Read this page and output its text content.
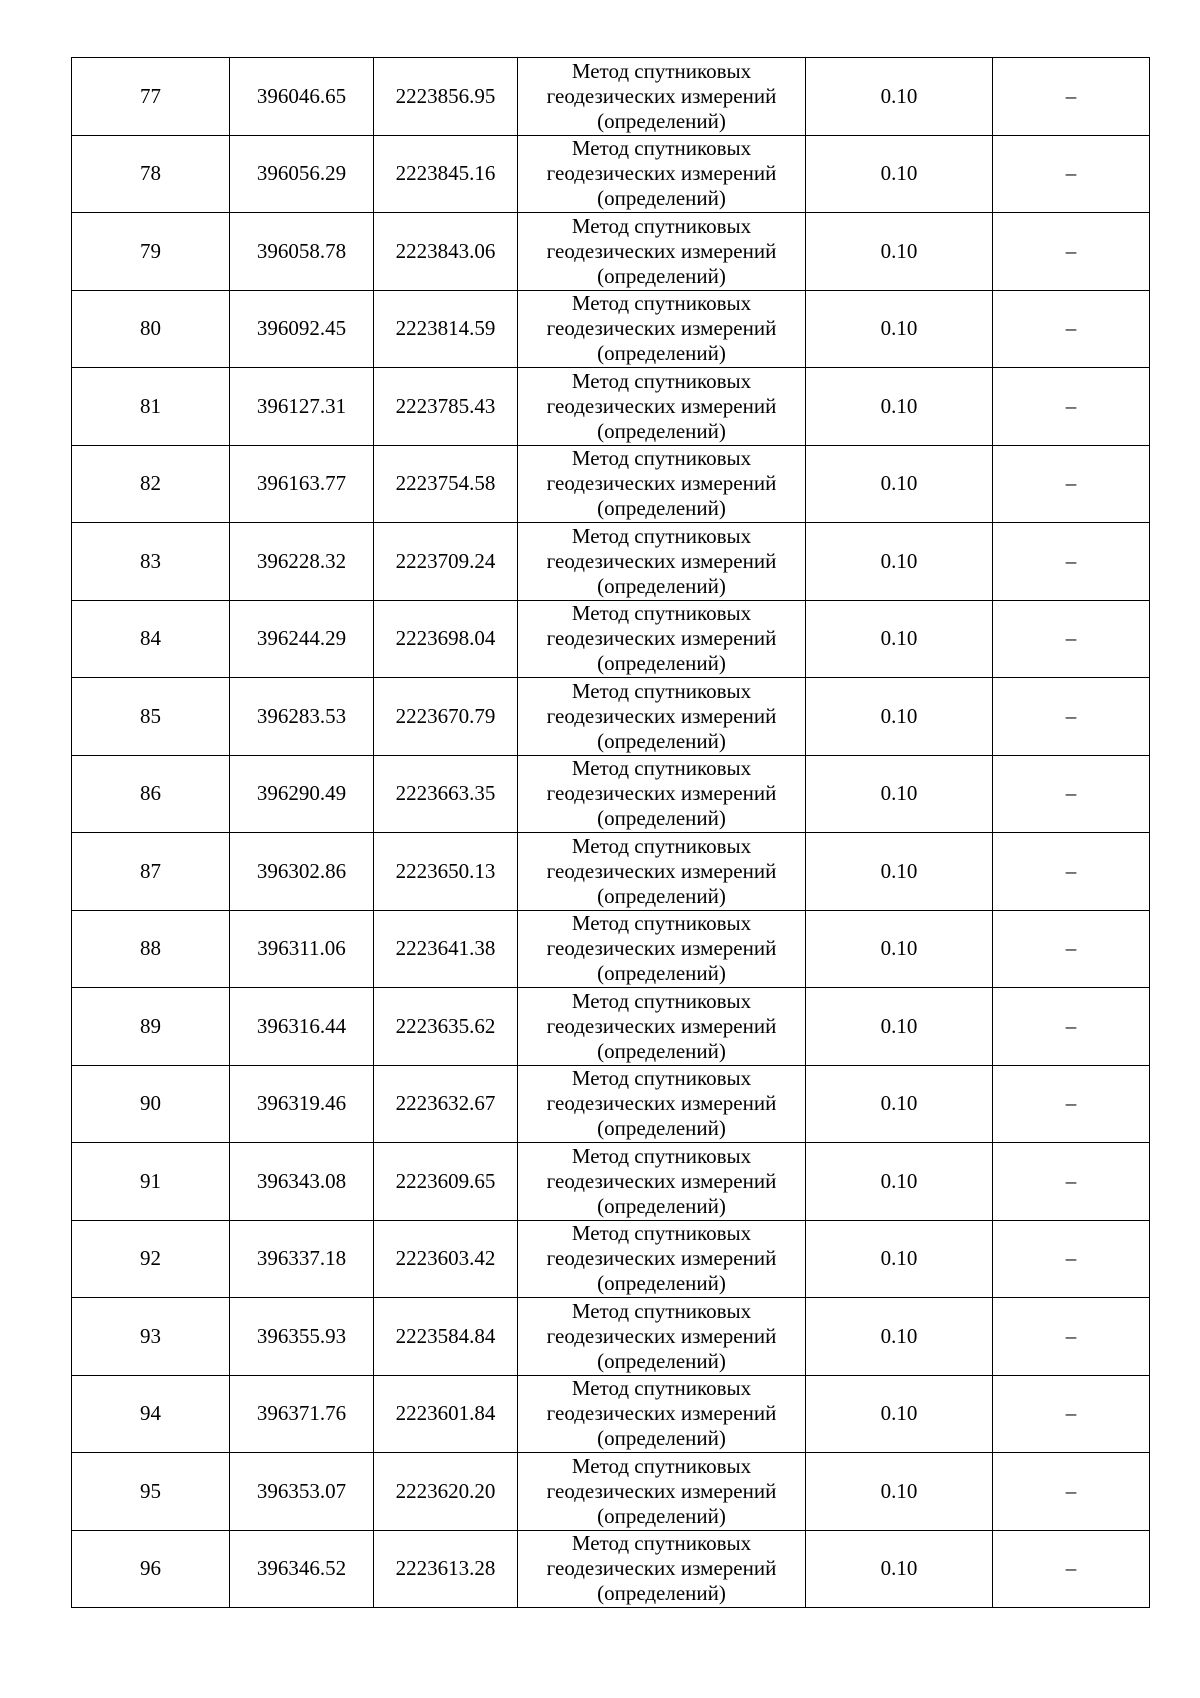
77	396046.65	2223856.95	Метод спутниковых
геодезических измерений
(определений)	0.10	–
78	396056.29	2223845.16	Метод спутниковых
геодезических измерений
(определений)	0.10	–
79	396058.78	2223843.06	Метод спутниковых
геодезических измерений
(определений)	0.10	–
80	396092.45	2223814.59	Метод спутниковых
геодезических измерений
(определений)	0.10	–
81	396127.31	2223785.43	Метод спутниковых
геодезических измерений
(определений)	0.10	–
82	396163.77	2223754.58	Метод спутниковых
геодезических измерений
(определений)	0.10	–
83	396228.32	2223709.24	Метод спутниковых
геодезических измерений
(определений)	0.10	–
84	396244.29	2223698.04	Метод спутниковых
геодезических измерений
(определений)	0.10	–
85	396283.53	2223670.79	Метод спутниковых
геодезических измерений
(определений)	0.10	–
86	396290.49	2223663.35	Метод спутниковых
геодезических измерений
(определений)	0.10	–
87	396302.86	2223650.13	Метод спутниковых
геодезических измерений
(определений)	0.10	–
88	396311.06	2223641.38	Метод спутниковых
геодезических измерений
(определений)	0.10	–
89	396316.44	2223635.62	Метод спутниковых
геодезических измерений
(определений)	0.10	–
90	396319.46	2223632.67	Метод спутниковых
геодезических измерений
(определений)	0.10	–
91	396343.08	2223609.65	Метод спутниковых
геодезических измерений
(определений)	0.10	–
92	396337.18	2223603.42	Метод спутниковых
геодезических измерений
(определений)	0.10	–
93	396355.93	2223584.84	Метод спутниковых
геодезических измерений
(определений)	0.10	–
94	396371.76	2223601.84	Метод спутниковых
геодезических измерений
(определений)	0.10	–
95	396353.07	2223620.20	Метод спутниковых
геодезических измерений
(определений)	0.10	–
96	396346.52	2223613.28	Метод спутниковых
геодезических измерений
(определений)	0.10	–
